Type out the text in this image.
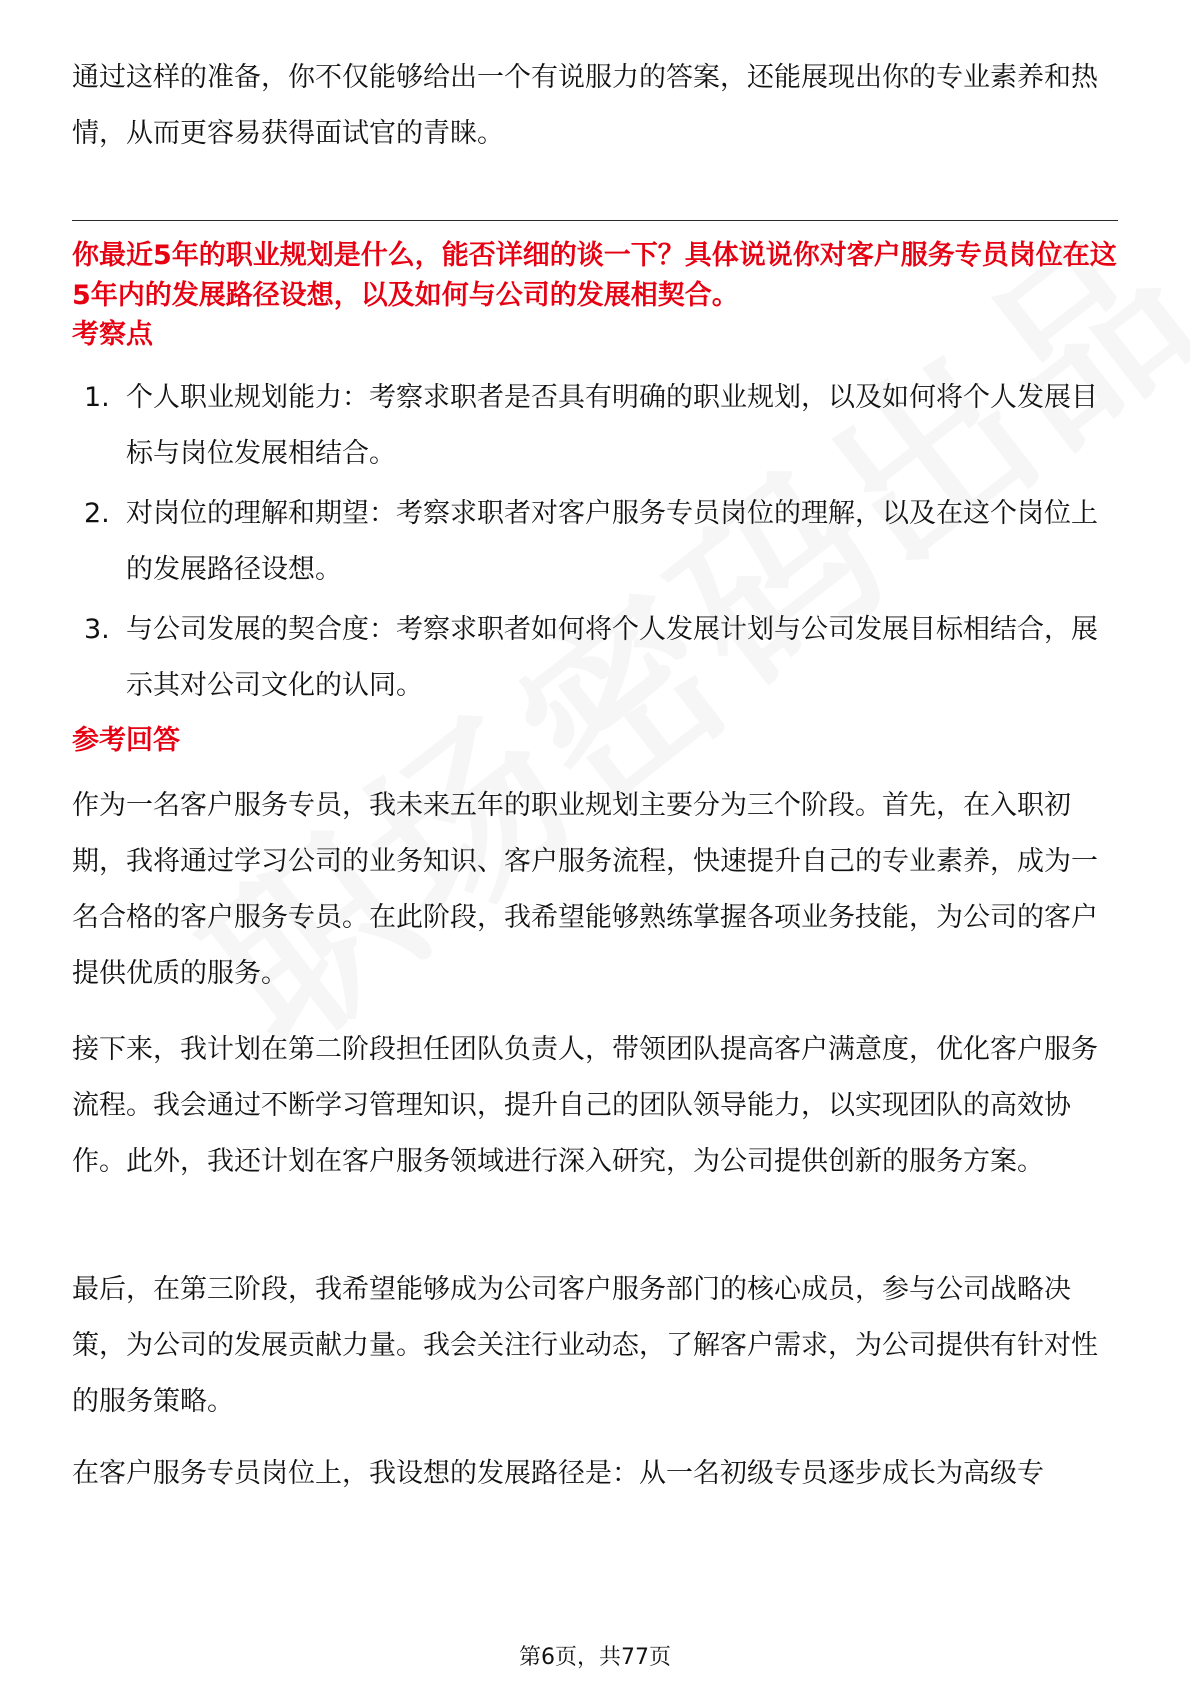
通过这样的准备，你不仅能够给出一个有说服力的答案，还能展现出你的专业素养和热情，从而更容易获得面试官的青睐。

你最近5年的职业规划是什么，能否详细的谈一下？具体说说你对客户服务专员岗位在这5年内的发展路径设想，以及如何与公司的发展相契合。

考察点
1. 个人职业规划能力：考察求职者是否具有明确的职业规划，以及如何将个人发展目标与岗位发展相结合。
2. 对岗位的理解和期望：考察求职者对客户服务专员岗位的理解，以及在这个岗位上的发展路径设想。
3. 与公司发展的契合度：考察求职者如何将个人发展计划与公司发展目标相结合，展示其对公司文化的认同。
参考回答

作为一名客户服务专员，我未来五年的职业规划主要分为三个阶段。首先，在入职初期，我将通过学习公司的业务知识、客户服务流程，快速提升自己的专业素养，成为一名合格的客户服务专员。在此阶段，我希望能够熟练掌握各项业务技能，为公司的客户提供优质的服务。

接下来，我计划在第二阶段担任团队负责人，带领团队提高客户满意度，优化客户服务流程。我会通过不断学习管理知识，提升自己的团队领导能力，以实现团队的高效协作。此外，我还计划在客户服务领域进行深入研究，为公司提供创新的服务方案。

最后，在第三阶段，我希望能够成为公司客户服务部门的核心成员，参与公司战略决策，为公司的发展贡献力量。我会关注行业动态，了解客户需求，为公司提供有针对性的服务策略。

在客户服务专员岗位上，我设想的发展路径是：从一名初级专员逐步成长为高级专

第6页，共77页
